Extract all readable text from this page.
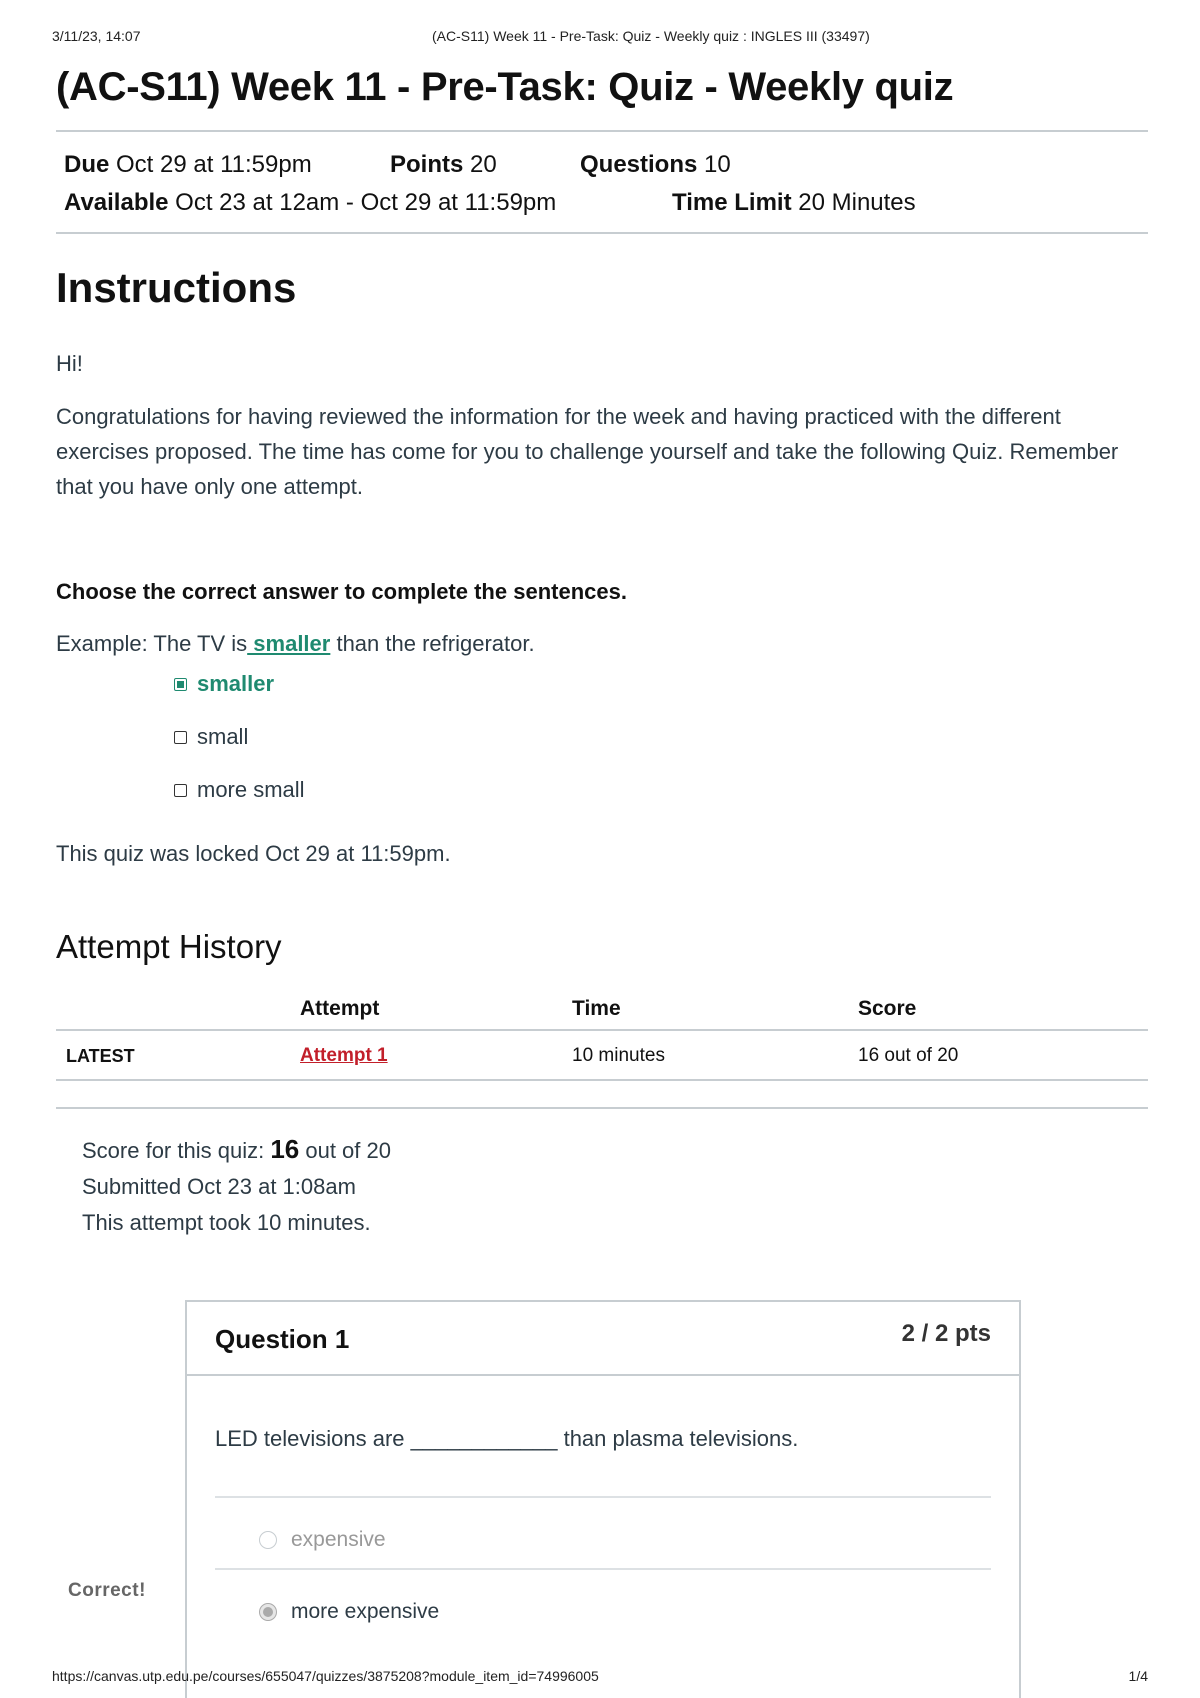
3/11/23, 14:07	(AC-S11) Week 11 - Pre-Task: Quiz - Weekly quiz : INGLES III (33497)
(AC-S11) Week 11 - Pre-Task: Quiz - Weekly quiz
Due Oct 29 at 11:59pm	Points 20	Questions 10
Available Oct 23 at 12am - Oct 29 at 11:59pm	Time Limit 20 Minutes
Instructions

Hi!

Congratulations for having reviewed the information for the week and having practiced with the different exercises proposed. The time has come for you to challenge yourself and take the following Quiz. Remember that you have only one attempt.

Choose the correct answer to complete the sentences.

Example: The TV is smaller than the refrigerator.

smaller
small
more small

This quiz was locked Oct 29 at 11:59pm.

Attempt History
	Attempt	Time	Score
LATEST	Attempt 1	10 minutes	16 out of 20
Score for this quiz: 16 out of 20
Submitted Oct 23 at 1:08am
This attempt took 10 minutes.
Correct!
Question 1	2 / 2 pts
LED televisions are ____________ than plasma televisions.
expensive
more expensive
https://canvas.utp.edu.pe/courses/655047/quizzes/3875208?module_item_id=74996005	1/4
